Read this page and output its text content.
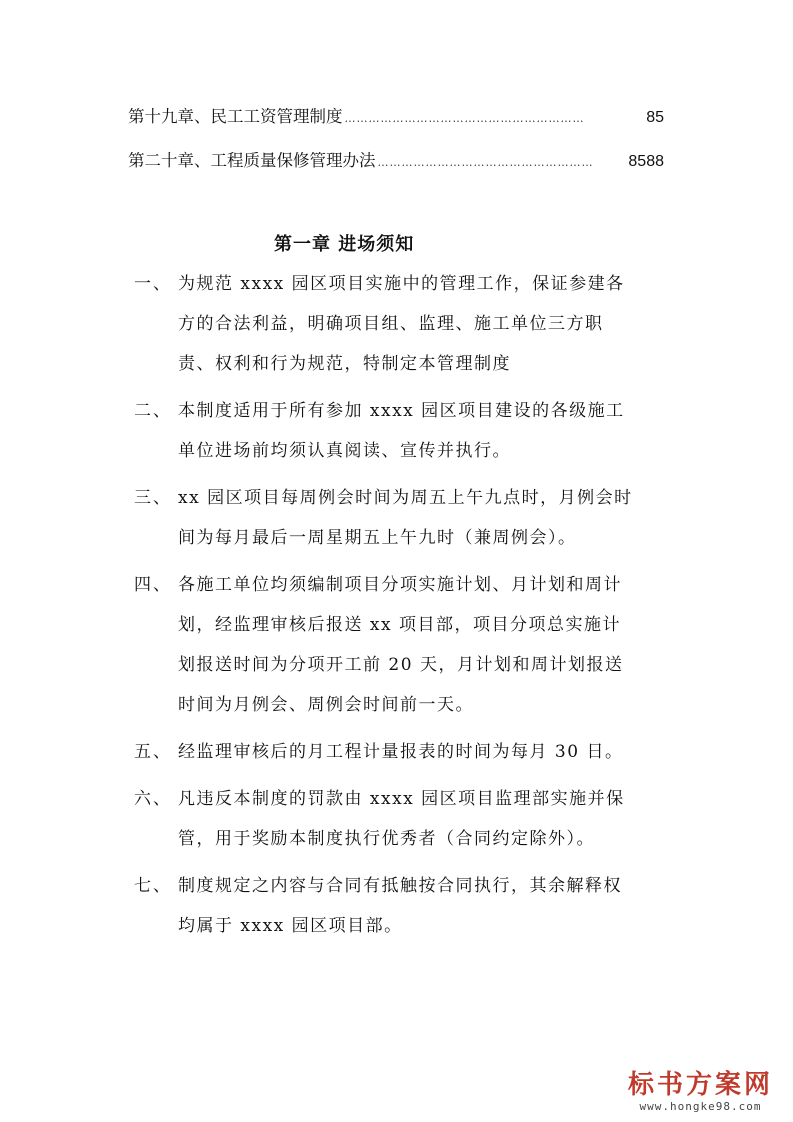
第十九章、民工工资管理制度 ……………………………………………………	85
第二十章、工程质量保修管理办法 ………………………………………………	8588
第一章 进场须知
一、 为规范 xxxx 园区项目实施中的管理工作，保证参建各
方的合法利益，明确项目组、监理、施工单位三方职
责、权利和行为规范，特制定本管理制度
二、 本制度适用于所有参加 xxxx 园区项目建设的各级施工
单位进场前均须认真阅读、宣传并执行。
三、 xx 园区项目每周例会时间为周五上午九点时，月例会时
间为每月最后一周星期五上午九时（兼周例会）。
四、 各施工单位均须编制项目分项实施计划、月计划和周计
划，经监理审核后报送 xx 项目部，项目分项总实施计
划报送时间为分项开工前 20 天，月计划和周计划报送
时间为月例会、周例会时间前一天。
五、 经监理审核后的月工程计量报表的时间为每月 30 日。
六、 凡违反本制度的罚款由 xxxx 园区项目监理部实施并保
管，用于奖励本制度执行优秀者（合同约定除外）。
七、 制度规定之内容与合同有抵触按合同执行，其余解释权
均属于 xxxx 园区项目部。
标书方案网
www.hongke98.com
